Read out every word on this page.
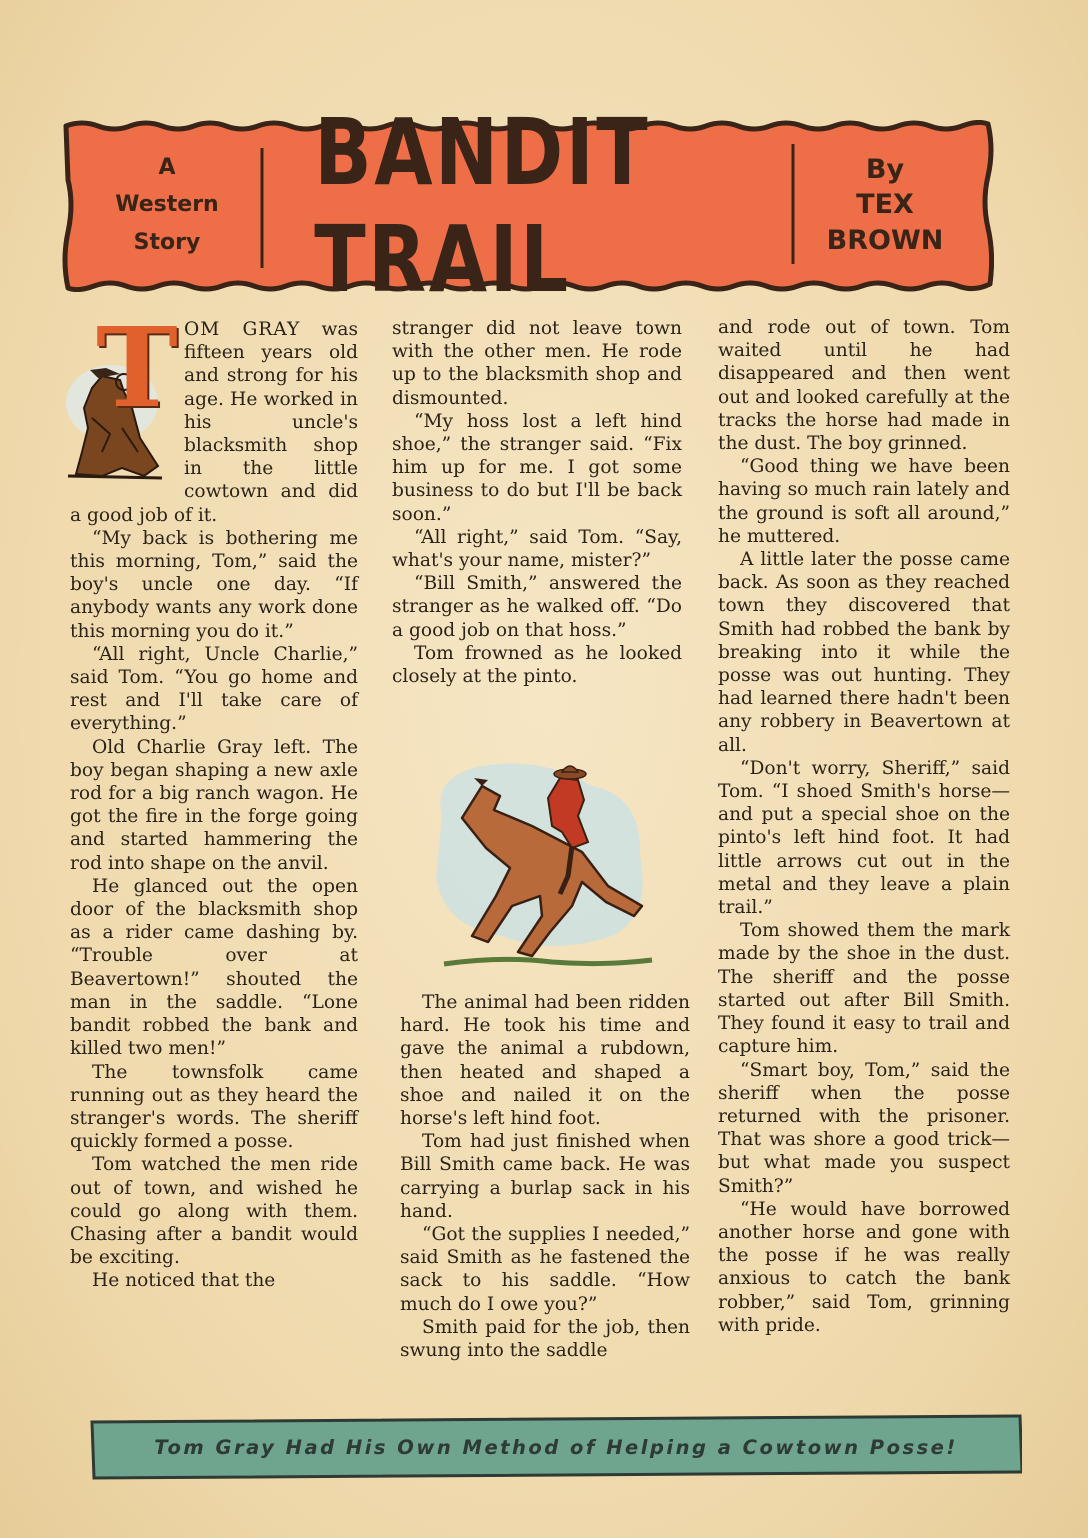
A
Western
Story
BANDIT TRAIL
By
TEX
BROWN
T OM GRAY was fifteen years old and strong for his age. He worked in his uncle's blacksmith shop in the little cowtown and did a good job of it.

“My back is bothering me this morning, Tom,” said the boy's uncle one day. “If anybody wants any work done this morning you do it.”

“All right, Uncle Charlie,” said Tom. “You go home and rest and I'll take care of everything.”

Old Charlie Gray left. The boy began shaping a new axle rod for a big ranch wagon. He got the fire in the forge going and started hammering the rod into shape on the anvil.

He glanced out the open door of the blacksmith shop as a rider came dashing by. “Trouble over at Beavertown!” shouted the man in the saddle. “Lone bandit robbed the bank and killed two men!”

The townsfolk came running out as they heard the stranger's words. The sheriff quickly formed a posse.

Tom watched the men ride out of town, and wished he could go along with them. Chasing after a bandit would be exciting.

He noticed that the

stranger did not leave town with the other men. He rode up to the blacksmith shop and dismounted.

“My hoss lost a left hind shoe,” the stranger said. “Fix him up for me. I got some business to do but I'll be back soon.”

“All right,” said Tom. “Say, what's your name, mister?”

“Bill Smith,” answered the stranger as he walked off. “Do a good job on that hoss.”

Tom frowned as he looked closely at the pinto.

The animal had been ridden hard. He took his time and gave the animal a rubdown, then heated and shaped a shoe and nailed it on the horse's left hind foot.

Tom had just finished when Bill Smith came back. He was carrying a burlap sack in his hand.

“Got the supplies I needed,” said Smith as he fastened the sack to his saddle. “How much do I owe you?”

Smith paid for the job, then swung into the saddle

and rode out of town. Tom waited until he had disappeared and then went out and looked carefully at the tracks the horse had made in the dust. The boy grinned.

“Good thing we have been having so much rain lately and the ground is soft all around,” he muttered.

A little later the posse came back. As soon as they reached town they discovered that Smith had robbed the bank by breaking into it while the posse was out hunting. They had learned there hadn't been any robbery in Beavertown at all.

“Don't worry, Sheriff,” said Tom. “I shoed Smith's horse—and put a special shoe on the pinto's left hind foot. It had little arrows cut out in the metal and they leave a plain trail.”

Tom showed them the mark made by the shoe in the dust. The sheriff and the posse started out after Bill Smith. They found it easy to trail and capture him.

“Smart boy, Tom,” said the sheriff when the posse returned with the prisoner. That was shore a good trick—but what made you suspect Smith?”

“He would have borrowed another horse and gone with the posse if he was really anxious to catch the bank robber,” said Tom, grinning with pride.

Tom Gray Had His Own Method of Helping a Cowtown Posse!
